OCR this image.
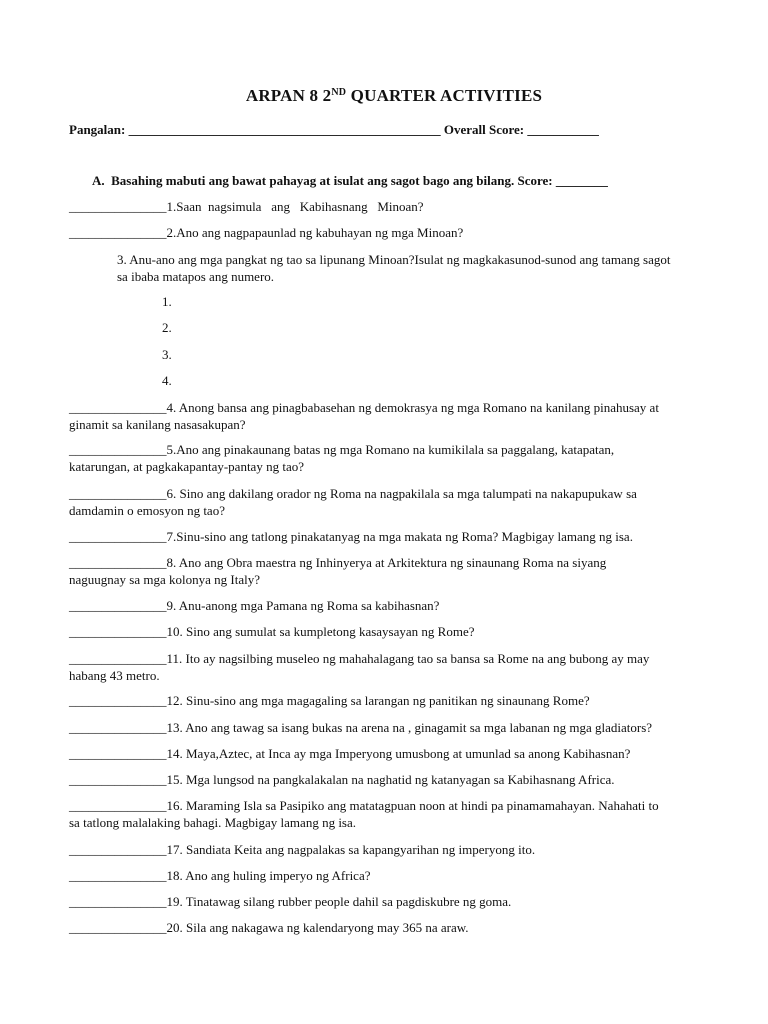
ARPAN 8 2ND QUARTER ACTIVITIES
Pangalan: ________________________________________________ Overall Score: ___________
A.  Basahing mabuti ang bawat pahayag at isulat ang sagot bago ang bilang. Score: ________
_______________1.Saan  nagsimula   ang   Kabihasnang   Minoan?
_______________2.Ano ang nagpapaunlad ng kabuhayan ng mga Minoan?
3. Anu-ano ang mga pangkat ng tao sa lipunang Minoan?Isulat ng magkakasunod-sunod ang tamang sagot
sa ibaba matapos ang numero.
1.
2.
3.
4.
_______________4. Anong bansa ang pinagbabasehan ng demokrasya ng mga Romano na kanilang pinahusay at
ginamit sa kanilang nasasakupan?
_______________5.Ano ang pinakaunang batas ng mga Romano na kumikilala sa paggalang, katapatan,
katarungan, at pagkakapantay-pantay ng tao?
_______________6. Sino ang dakilang orador ng Roma na nagpakilala sa mga talumpati na nakapupukaw sa
damdamin o emosyon ng tao?
_______________7.Sinu-sino ang tatlong pinakatanyag na mga makata ng Roma? Magbigay lamang ng isa.
_______________8. Ano ang Obra maestra ng Inhinyerya at Arkitektura ng sinaunang Roma na siyang
naguugnay sa mga kolonya ng Italy?
_______________9. Anu-anong mga Pamana ng Roma sa kabihasnan?
_______________10. Sino ang sumulat sa kumpletong kasaysayan ng Rome?
_______________11. Ito ay nagsilbing museleo ng mahahalagang tao sa bansa sa Rome na ang bubong ay may
habang 43 metro.
_______________12. Sinu-sino ang mga magagaling sa larangan ng panitikan ng sinaunang Rome?
_______________13. Ano ang tawag sa isang bukas na arena na , ginagamit sa mga labanan ng mga gladiators?
_______________14. Maya,Aztec, at Inca ay mga Imperyong umusbong at umunlad sa anong Kabihasnan?
_______________15. Mga lungsod na pangkalakalan na naghatid ng katanyagan sa Kabihasnang Africa.
_______________16. Maraming Isla sa Pasipiko ang matatagpuan noon at hindi pa pinamamahayan. Nahahati to
sa tatlong malalaking bahagi. Magbigay lamang ng isa.
_______________17. Sandiata Keita ang nagpalakas sa kapangyarihan ng imperyong ito.
_______________18. Ano ang huling imperyo ng Africa?
_______________19. Tinatawag silang rubber people dahil sa pagdiskubre ng goma.
_______________20. Sila ang nakagawa ng kalendaryong may 365 na araw.
